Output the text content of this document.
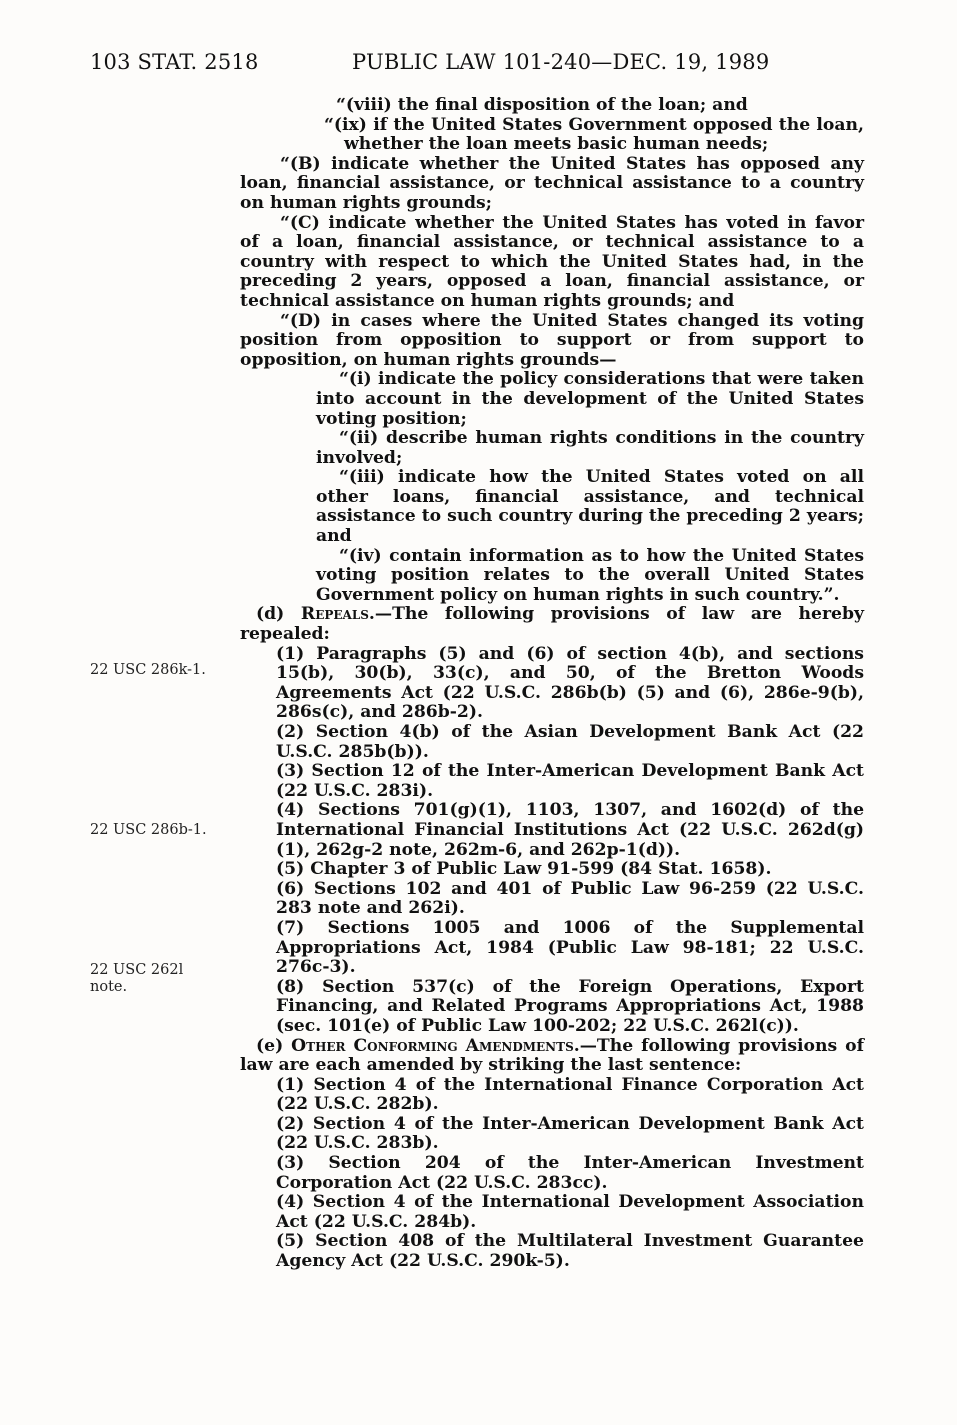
103 STAT. 2518	PUBLIC LAW 101-240—DEC. 19, 1989
22 USC 286k-1.
22 USC 286b-1.
22 USC 262l
note.

“(viii) the final disposition of the loan; and

“(ix) if the United States Government opposed the loan, whether the loan meets basic human needs;

“(B) indicate whether the United States has opposed any loan, financial assistance, or technical assistance to a country on human rights grounds;

“(C) indicate whether the United States has voted in favor of a loan, financial assistance, or technical assistance to a country with respect to which the United States had, in the preceding 2 years, opposed a loan, financial assistance, or technical assistance on human rights grounds; and

“(D) in cases where the United States changed its voting position from opposition to support or from support to opposition, on human rights grounds—

“(i) indicate the policy considerations that were taken into account in the development of the United States voting position;

“(ii) describe human rights conditions in the country involved;

“(iii) indicate how the United States voted on all other loans, financial assistance, and technical assistance to such country during the preceding 2 years; and

“(iv) contain information as to how the United States voting position relates to the overall United States Government policy on human rights in such country.”.

(d) Repeals.—The following provisions of law are hereby repealed:

(1) Paragraphs (5) and (6) of section 4(b), and sections 15(b), 30(b), 33(c), and 50, of the Bretton Woods Agreements Act (22 U.S.C. 286b(b) (5) and (6), 286e-9(b), 286s(c), and 286b-2).

(2) Section 4(b) of the Asian Development Bank Act (22 U.S.C. 285b(b)).

(3) Section 12 of the Inter-American Development Bank Act (22 U.S.C. 283i).

(4) Sections 701(g)(1), 1103, 1307, and 1602(d) of the International Financial Institutions Act (22 U.S.C. 262d(g)(1), 262g-2 note, 262m-6, and 262p-1(d)).

(5) Chapter 3 of Public Law 91-599 (84 Stat. 1658).

(6) Sections 102 and 401 of Public Law 96-259 (22 U.S.C. 283 note and 262i).

(7) Sections 1005 and 1006 of the Supplemental Appropriations Act, 1984 (Public Law 98-181; 22 U.S.C. 276c-3).

(8) Section 537(c) of the Foreign Operations, Export Financing, and Related Programs Appropriations Act, 1988 (sec. 101(e) of Public Law 100-202; 22 U.S.C. 262l(c)).

(e) Other Conforming Amendments.—The following provisions of law are each amended by striking the last sentence:

(1) Section 4 of the International Finance Corporation Act (22 U.S.C. 282b).

(2) Section 4 of the Inter-American Development Bank Act (22 U.S.C. 283b).

(3) Section 204 of the Inter-American Investment Corporation Act (22 U.S.C. 283cc).

(4) Section 4 of the International Development Association Act (22 U.S.C. 284b).

(5) Section 408 of the Multilateral Investment Guarantee Agency Act (22 U.S.C. 290k-5).
